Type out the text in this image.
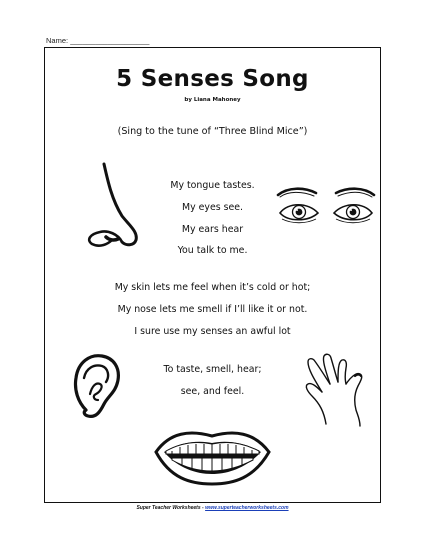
Name: ___________________
5 Senses Song
by Liana Mahoney
(Sing to the tune of “Three Blind Mice”)
My tongue tastes.
My eyes see.
My ears hear
You talk to me.
My skin lets me feel when it’s cold or hot;
My nose lets me smell if I’ll like it or not.
I sure use my senses an awful lot
To taste, smell, hear;
see, and feel.
Super Teacher Worksheets - www.superteacherworksheets.com
